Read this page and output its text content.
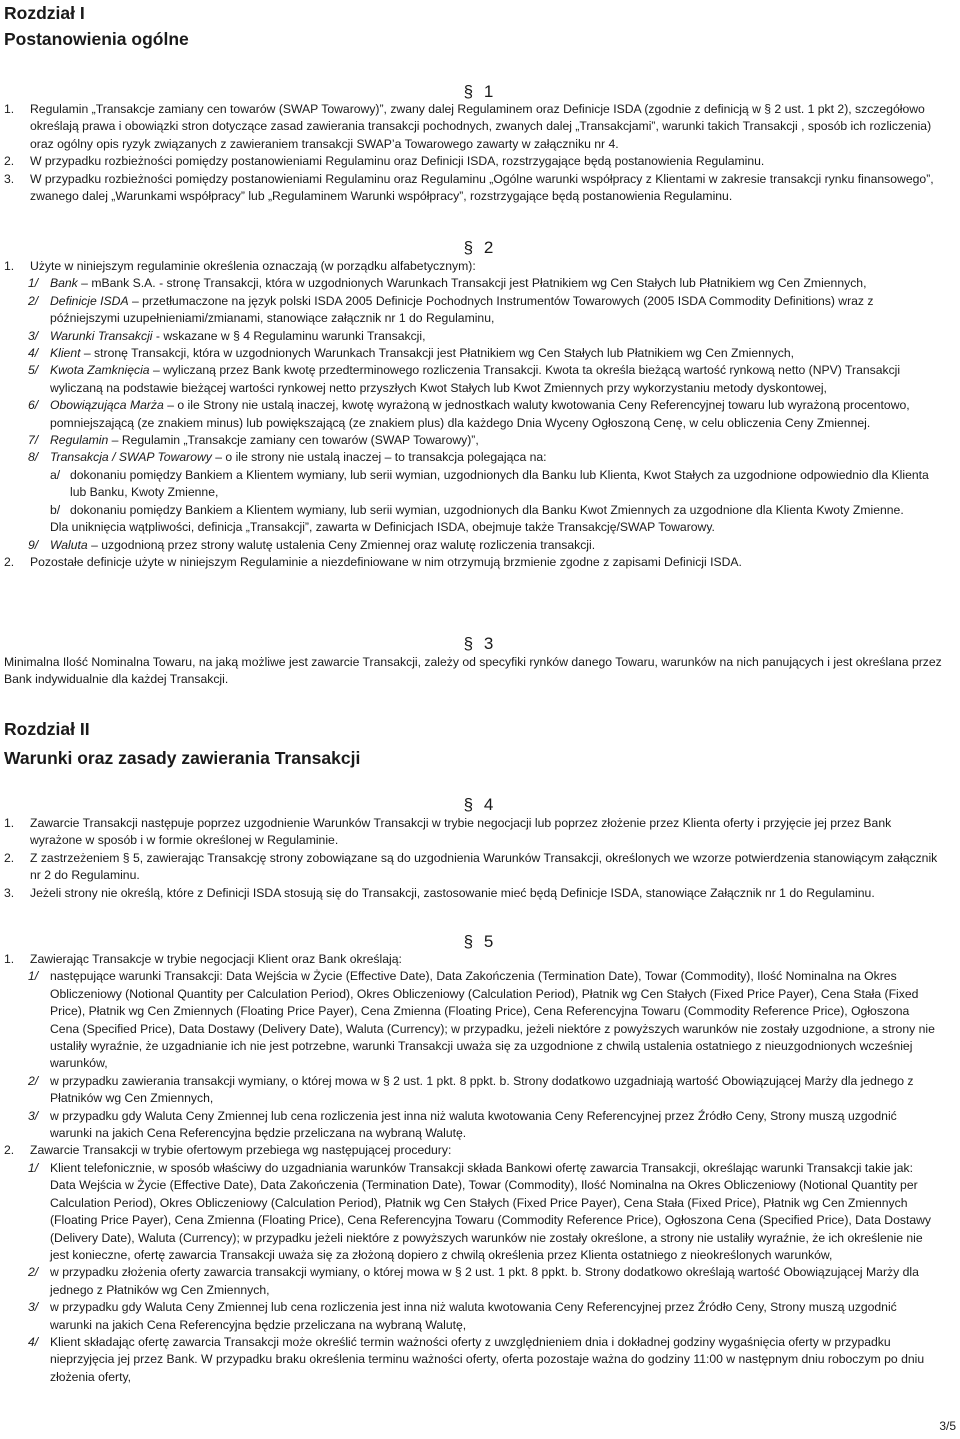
Rozdział I
Postanowienia ogólne
§ 1
1. Regulamin „Transakcje zamiany cen towarów (SWAP Towarowy)”, zwany dalej Regulaminem oraz Definicje ISDA (zgodnie z definicją w § 2 ust. 1 pkt 2), szczegółowo określają prawa i obowiązki stron dotyczące zasad zawierania transakcji pochodnych, zwanych dalej „Transakcjami”, warunki takich Transakcji , sposób ich rozliczenia) oraz ogólny opis ryzyk związanych z zawieraniem transakcji SWAP’a Towarowego zawarty w załączniku nr 4.
2. W przypadku rozbieżności pomiędzy postanowieniami Regulaminu oraz Definicji ISDA, rozstrzygające będą postanowienia Regulaminu.
3. W przypadku rozbieżności pomiędzy postanowieniami Regulaminu oraz Regulaminu „Ogólne warunki współpracy z Klientami w zakresie transakcji rynku finansowego”, zwanego dalej „Warunkami współpracy” lub „Regulaminem Warunki współpracy”, rozstrzygające będą postanowienia Regulaminu.
§ 2
1. Użyte w niniejszym regulaminie określenia oznaczają (w porządku alfabetycznym):
1/ Bank – mBank S.A. - stronę Transakcji, która w uzgodnionych Warunkach Transakcji jest Płatnikiem wg Cen Stałych lub Płatnikiem wg Cen Zmiennych,
2/ Definicje ISDA – przetłumaczone na język polski ISDA 2005 Definicje Pochodnych Instrumentów Towarowych (2005 ISDA Commodity Definitions) wraz z późniejszymi uzupełnieniami/zmianami, stanowiące załącznik nr 1 do Regulaminu,
3/ Warunki Transakcji - wskazane w § 4 Regulaminu warunki Transakcji,
4/ Klient – stronę Transakcji, która w uzgodnionych Warunkach Transakcji jest Płatnikiem wg Cen Stałych lub Płatnikiem wg Cen Zmiennych,
5/ Kwota Zamknięcia – wyliczaną przez Bank kwotę przedterminowego rozliczenia Transakcji. Kwota ta określa bieżącą wartość rynkową netto (NPV) Transakcji wyliczaną na podstawie bieżącej wartości rynkowej netto przyszłych Kwot Stałych lub Kwot Zmiennych przy wykorzystaniu metody dyskontowej,
6/ Obowiązująca Marża – o ile Strony nie ustalą inaczej, kwotę wyrażoną w jednostkach waluty kwotowania Ceny Referencyjnej towaru lub wyrażoną procentowo, pomniejszającą (ze znakiem minus) lub powiększającą (ze znakiem plus) dla każdego Dnia Wyceny Ogłoszoną Cenę, w celu obliczenia Ceny Zmiennej.
7/ Regulamin – Regulamin „Transakcje zamiany cen towarów (SWAP Towarowy)”,
8/ Transakcja / SWAP Towarowy – o ile strony nie ustalą inaczej – to transakcja polegająca na:
a/ dokonaniu pomiędzy Bankiem a Klientem wymiany, lub serii wymian, uzgodnionych dla Banku lub Klienta, Kwot Stałych za uzgodnione odpowiednio dla Klienta lub Banku, Kwoty Zmienne,
b/ dokonaniu pomiędzy Bankiem a Klientem wymiany, lub serii wymian, uzgodnionych dla Banku Kwot Zmiennych za uzgodnione dla Klienta Kwoty Zmienne.
Dla uniknięcia wątpliwości, definicja „Transakcji”, zawarta w Definicjach ISDA, obejmuje także Transakcję/SWAP Towarowy.
9/ Waluta – uzgodnioną przez strony walutę ustalenia Ceny Zmiennej oraz walutę rozliczenia transakcji.
2. Pozostałe definicje użyte w niniejszym Regulaminie a niezdefiniowane w nim otrzymują brzmienie zgodne z zapisami Definicji ISDA.
§ 3
Minimalna Ilość Nominalna Towaru, na jaką możliwe jest zawarcie Transakcji, zależy od specyfiki rynków danego Towaru, warunków na nich panujących i jest określana przez Bank indywidualnie dla każdej Transakcji.
Rozdział II
Warunki oraz zasady zawierania Transakcji
§ 4
1. Zawarcie Transakcji następuje poprzez uzgodnienie Warunków Transakcji w trybie negocjacji lub poprzez złożenie przez Klienta oferty i przyjęcie jej przez Bank wyrażone w sposób i w formie określonej w Regulaminie.
2. Z zastrzeżeniem § 5, zawierając Transakcję strony zobowiązane są do uzgodnienia Warunków Transakcji, określonych we wzorze potwierdzenia stanowiącym załącznik nr 2 do Regulaminu.
3. Jeżeli strony nie określą, które z Definicji ISDA stosują się do Transakcji, zastosowanie mieć będą Definicje ISDA, stanowiące Załącznik nr 1 do Regulaminu.
§ 5
1. Zawierając Transakcje w trybie negocjacji Klient oraz Bank określają:
1/ następujące warunki Transakcji: Data Wejścia w Życie (Effective Date), Data Zakończenia (Termination Date), Towar (Commodity), Ilość Nominalna na Okres Obliczeniowy (Notional Quantity per Calculation Period), Okres Obliczeniowy (Calculation Period), Płatnik wg Cen Stałych (Fixed Price Payer), Cena Stała (Fixed Price), Płatnik wg Cen Zmiennych (Floating Price Payer), Cena Zmienna (Floating Price), Cena Referencyjna Towaru (Commodity Reference Price), Ogłoszona Cena (Specified Price), Data Dostawy (Delivery Date), Waluta (Currency); w przypadku, jeżeli niektóre z powyższych warunków nie zostały uzgodnione, a strony nie ustaliły wyraźnie, że uzgadnianie ich nie jest potrzebne, warunki Transakcji uważa się za uzgodnione z chwilą ustalenia ostatniego z nieuzgodnionych wcześniej warunków,
2/ w przypadku zawierania transakcji wymiany, o której mowa w § 2 ust. 1 pkt. 8 ppkt. b. Strony dodatkowo uzgadniają wartość Obowiązującej Marży dla jednego z Płatników wg Cen Zmiennych,
3/ w przypadku gdy Waluta Ceny Zmiennej lub cena rozliczenia jest inna niż waluta kwotowania Ceny Referencyjnej przez Źródło Ceny, Strony muszą uzgodnić warunki na jakich Cena Referencyjna będzie przeliczana na wybraną Walutę.
2. Zawarcie Transakcji w trybie ofertowym przebiega wg następującej procedury:
1/ Klient telefonicznie, w sposób właściwy do uzgadniania warunków Transakcji składa Bankowi ofertę zawarcia Transakcji, określając warunki Transakcji takie jak: Data Wejścia w Życie (Effective Date), Data Zakończenia (Termination Date), Towar (Commodity), Ilość Nominalna na Okres Obliczeniowy (Notional Quantity per Calculation Period), Okres Obliczeniowy (Calculation Period), Płatnik wg Cen Stałych (Fixed Price Payer), Cena Stała (Fixed Price), Płatnik wg Cen Zmiennych (Floating Price Payer), Cena Zmienna (Floating Price), Cena Referencyjna Towaru (Commodity Reference Price), Ogłoszona Cena (Specified Price), Data Dostawy (Delivery Date), Waluta (Currency); w przypadku jeżeli niektóre z powyższych warunków nie zostały określone, a strony nie ustaliły wyraźnie, że ich określenie nie jest konieczne, ofertę zawarcia Transakcji uważa się za złożoną dopiero z chwilą określenia przez Klienta ostatniego z nieokreślonych warunków,
2/ w przypadku złożenia oferty zawarcia transakcji wymiany, o której mowa w § 2 ust. 1 pkt. 8 ppkt. b. Strony dodatkowo określają wartość Obowiązującej Marży dla jednego z Płatników wg Cen Zmiennych,
3/ w przypadku gdy Waluta Ceny Zmiennej lub cena rozliczenia jest inna niż waluta kwotowania Ceny Referencyjnej przez Źródło Ceny, Strony muszą uzgodnić warunki na jakich Cena Referencyjna będzie przeliczana na wybraną Walutę,
4/ Klient składając ofertę zawarcia Transakcji może określić termin ważności oferty z uwzględnieniem dnia i dokładnej godziny wygaśnięcia oferty w przypadku nieprzyjęcia jej przez Bank. W przypadku braku określenia terminu ważności oferty, oferta pozostaje ważna do godziny 11:00 w następnym dniu roboczym po dniu złożenia oferty,
3/5
